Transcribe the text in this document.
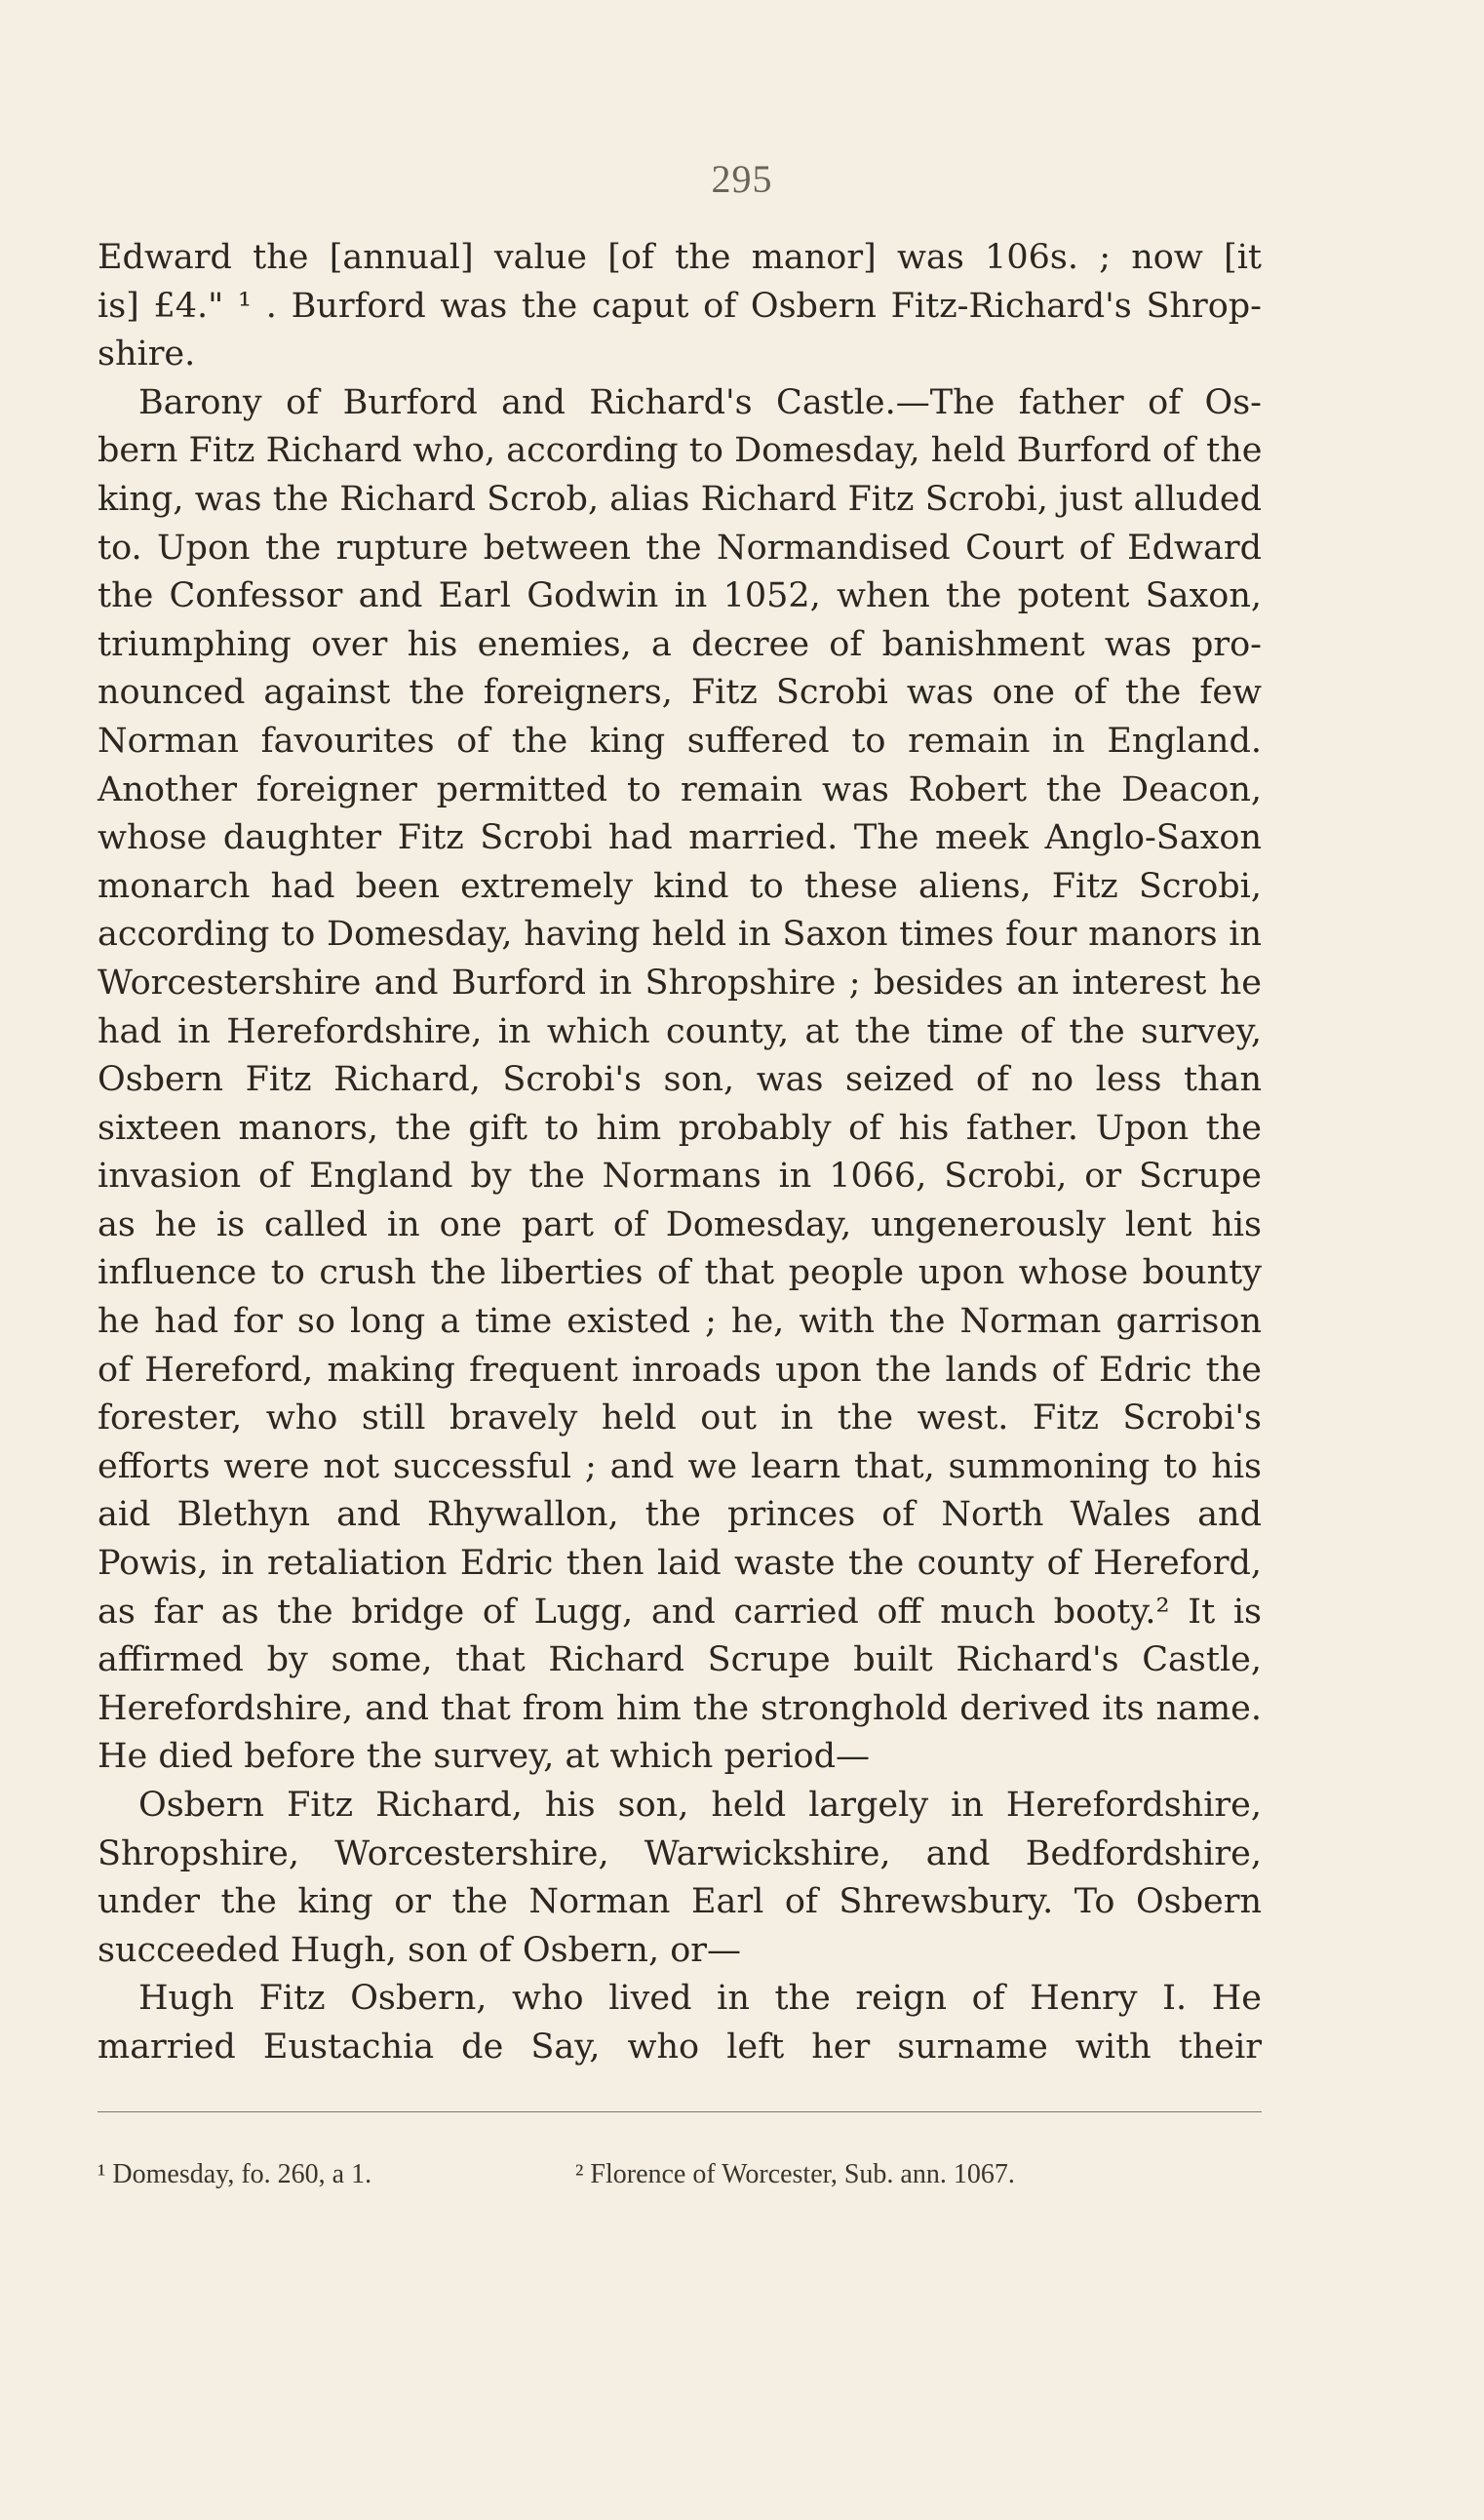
295
Edward the [annual] value [of the manor] was 106s. ; now [it
is] £4." ¹ . Burford was the caput of Osbern Fitz-Richard's Shrop-
shire.
Barony of Burford and Richard's Castle.—The father of Os-
bern Fitz Richard who, according to Domesday, held Burford of the
king, was the Richard Scrob, alias Richard Fitz Scrobi, just alluded
to. Upon the rupture between the Normandised Court of Edward
the Confessor and Earl Godwin in 1052, when the potent Saxon,
triumphing over his enemies, a decree of banishment was pro-
nounced against the foreigners, Fitz Scrobi was one of the few
Norman favourites of the king suffered to remain in England.
Another foreigner permitted to remain was Robert the Deacon,
whose daughter Fitz Scrobi had married. The meek Anglo-Saxon
monarch had been extremely kind to these aliens, Fitz Scrobi,
according to Domesday, having held in Saxon times four manors in
Worcestershire and Burford in Shropshire ; besides an interest he
had in Herefordshire, in which county, at the time of the survey,
Osbern Fitz Richard, Scrobi's son, was seized of no less than
sixteen manors, the gift to him probably of his father. Upon the
invasion of England by the Normans in 1066, Scrobi, or Scrupe
as he is called in one part of Domesday, ungenerously lent his
influence to crush the liberties of that people upon whose bounty
he had for so long a time existed ; he, with the Norman garrison
of Hereford, making frequent inroads upon the lands of Edric the
forester, who still bravely held out in the west. Fitz Scrobi's
efforts were not successful ; and we learn that, summoning to his
aid Blethyn and Rhywallon, the princes of North Wales and
Powis, in retaliation Edric then laid waste the county of Hereford,
as far as the bridge of Lugg, and carried off much booty.² It is
affirmed by some, that Richard Scrupe built Richard's Castle,
Herefordshire, and that from him the stronghold derived its name.
He died before the survey, at which period—
Osbern Fitz Richard, his son, held largely in Herefordshire,
Shropshire, Worcestershire, Warwickshire, and Bedfordshire,
under the king or the Norman Earl of Shrewsbury. To Osbern
succeeded Hugh, son of Osbern, or—
Hugh Fitz Osbern, who lived in the reign of Henry I. He
married Eustachia de Say, who left her surname with their
¹ Domesday, fo. 260, a 1.	² Florence of Worcester, Sub. ann. 1067.
